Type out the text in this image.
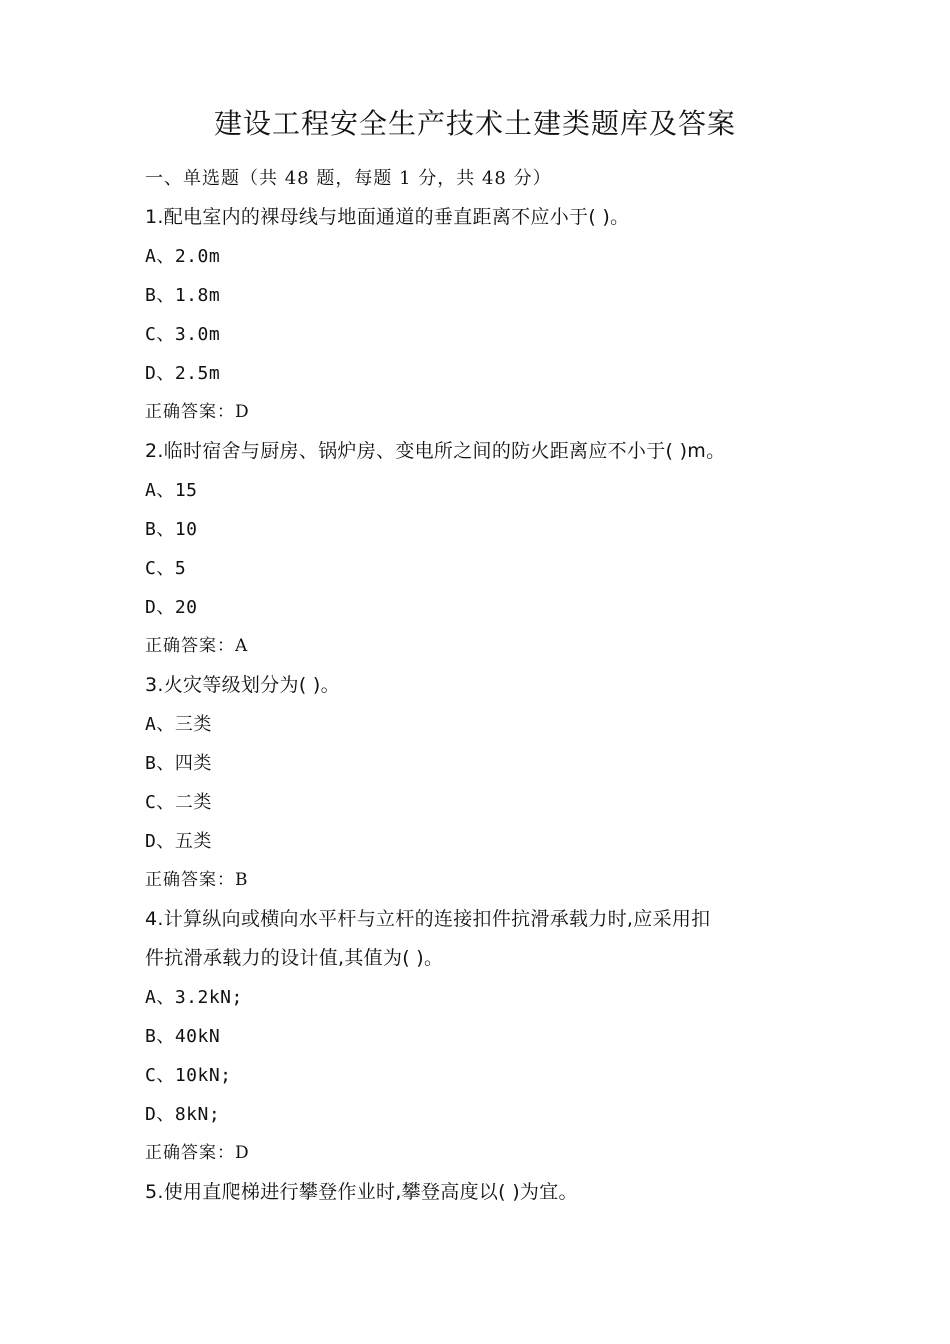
建设工程安全生产技术土建类题库及答案
一、单选题（共 48 题，每题 1 分，共 48 分）
1.配电室内的裸母线与地面通道的垂直距离不应小于( )。
A、2.0m
B、1.8m
C、3.0m
D、2.5m
正确答案：D
2.临时宿舍与厨房、锅炉房、变电所之间的防火距离应不小于( )m。
A、15
B、10
C、5
D、20
正确答案：A
3.火灾等级划分为( )。
A、三类
B、四类
C、二类
D、五类
正确答案：B
4.计算纵向或横向水平杆与立杆的连接扣件抗滑承载力时,应采用扣
件抗滑承载力的设计值,其值为( )。
A、3.2kN;
B、40kN
C、10kN;
D、8kN;
正确答案：D
5.使用直爬梯进行攀登作业时,攀登高度以( )为宜。
